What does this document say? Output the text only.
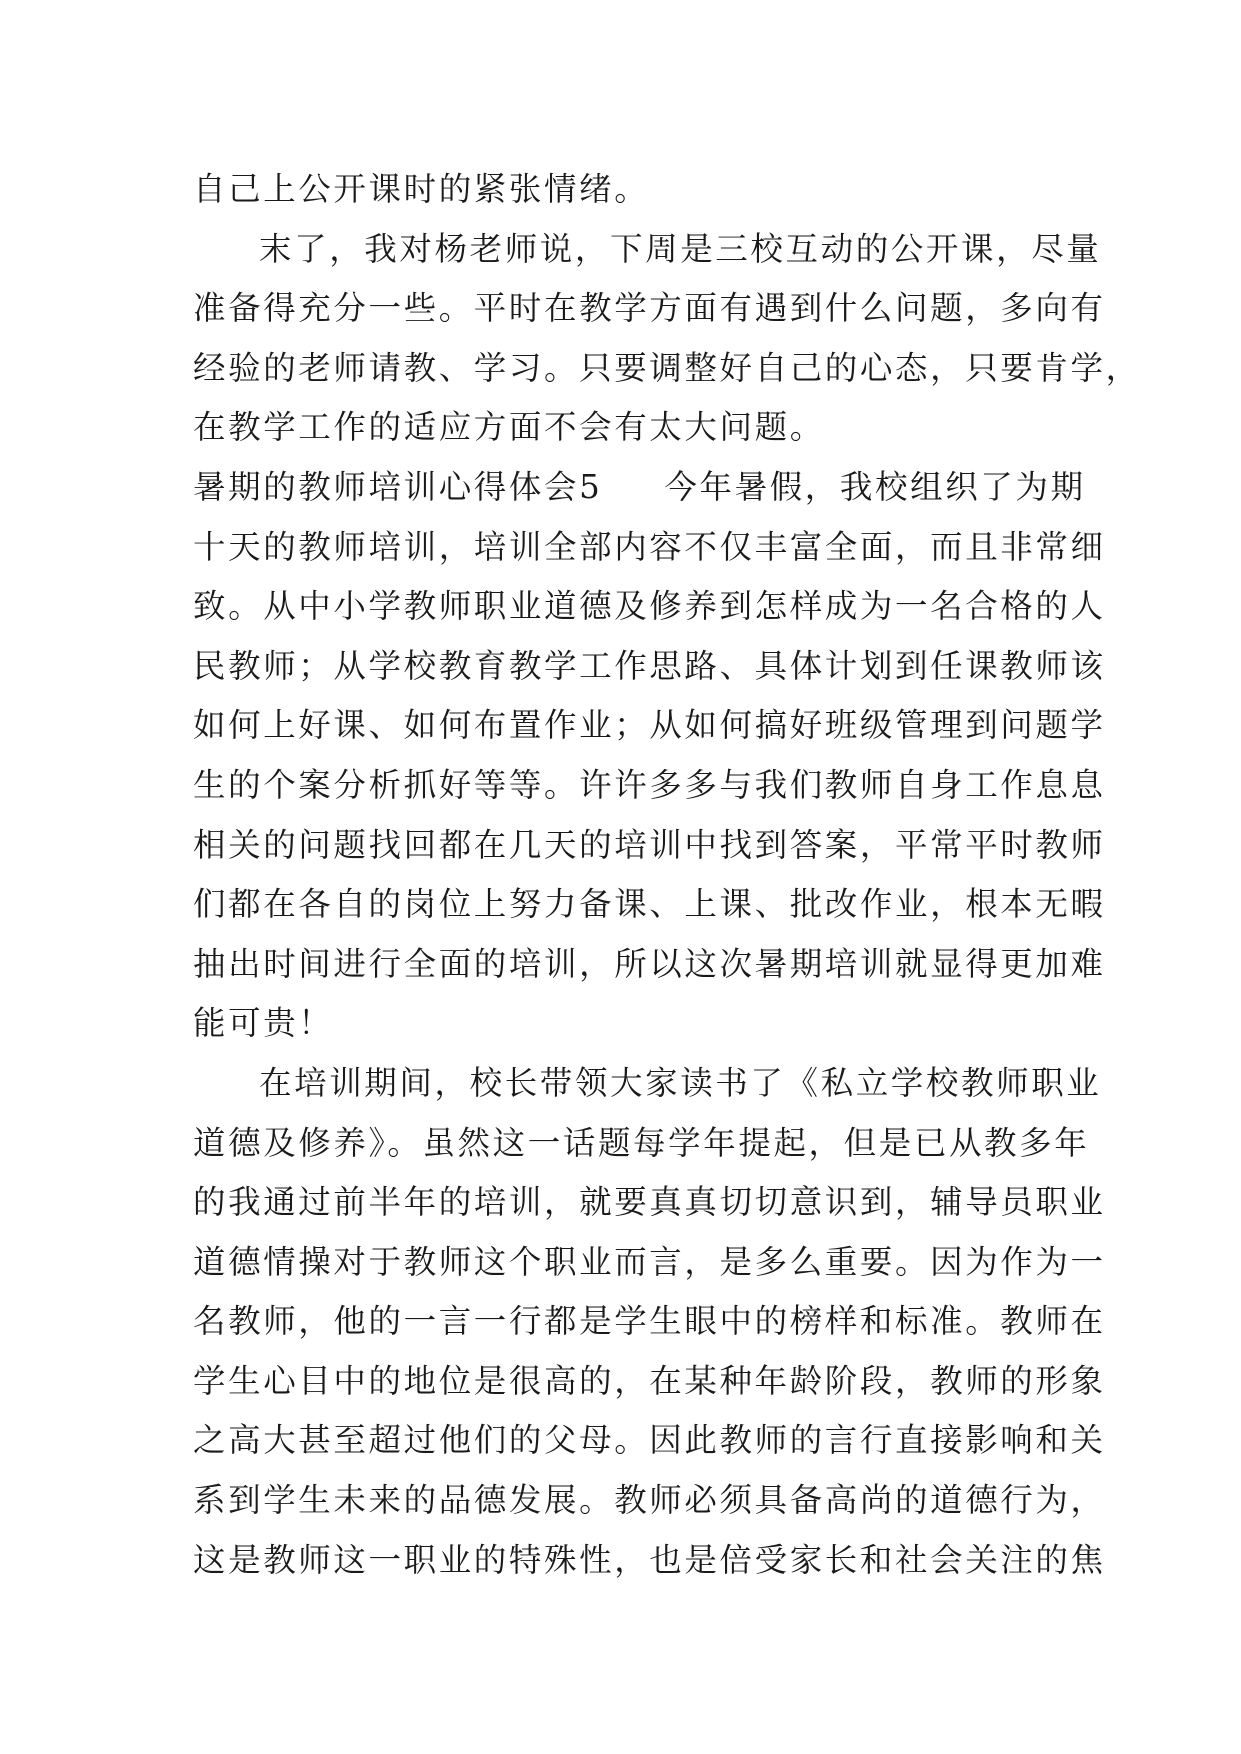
自己上公开课时的紧张情绪。
末了，我对杨老师说，下周是三校互动的公开课，尽量
准备得充分一些。平时在教学方面有遇到什么问题，多向有
经验的老师请教、学习。只要调整好自己的心态，只要肯学，
在教学工作的适应方面不会有太大问题。
暑期的教师培训心得体会5 今年暑假，我校组织了为期
十天的教师培训，培训全部内容不仅丰富全面，而且非常细
致。从中小学教师职业道德及修养到怎样成为一名合格的人
民教师；从学校教育教学工作思路、具体计划到任课教师该
如何上好课、如何布置作业；从如何搞好班级管理到问题学
生的个案分析抓好等等。许许多多与我们教师自身工作息息
相关的问题找回都在几天的培训中找到答案，平常平时教师
们都在各自的岗位上努力备课、上课、批改作业，根本无暇
抽出时间进行全面的培训，所以这次暑期培训就显得更加难
能可贵！
在培训期间，校长带领大家读书了《私立学校教师职业
道德及修养》。虽然这一话题每学年提起，但是已从教多年
的我通过前半年的培训，就要真真切切意识到，辅导员职业
道德情操对于教师这个职业而言，是多么重要。因为作为一
名教师，他的一言一行都是学生眼中的榜样和标准。教师在
学生心目中的地位是很高的，在某种年龄阶段，教师的形象
之高大甚至超过他们的父母。因此教师的言行直接影响和关
系到学生未来的品德发展。教师必须具备高尚的道德行为，
这是教师这一职业的特殊性，也是倍受家长和社会关注的焦
